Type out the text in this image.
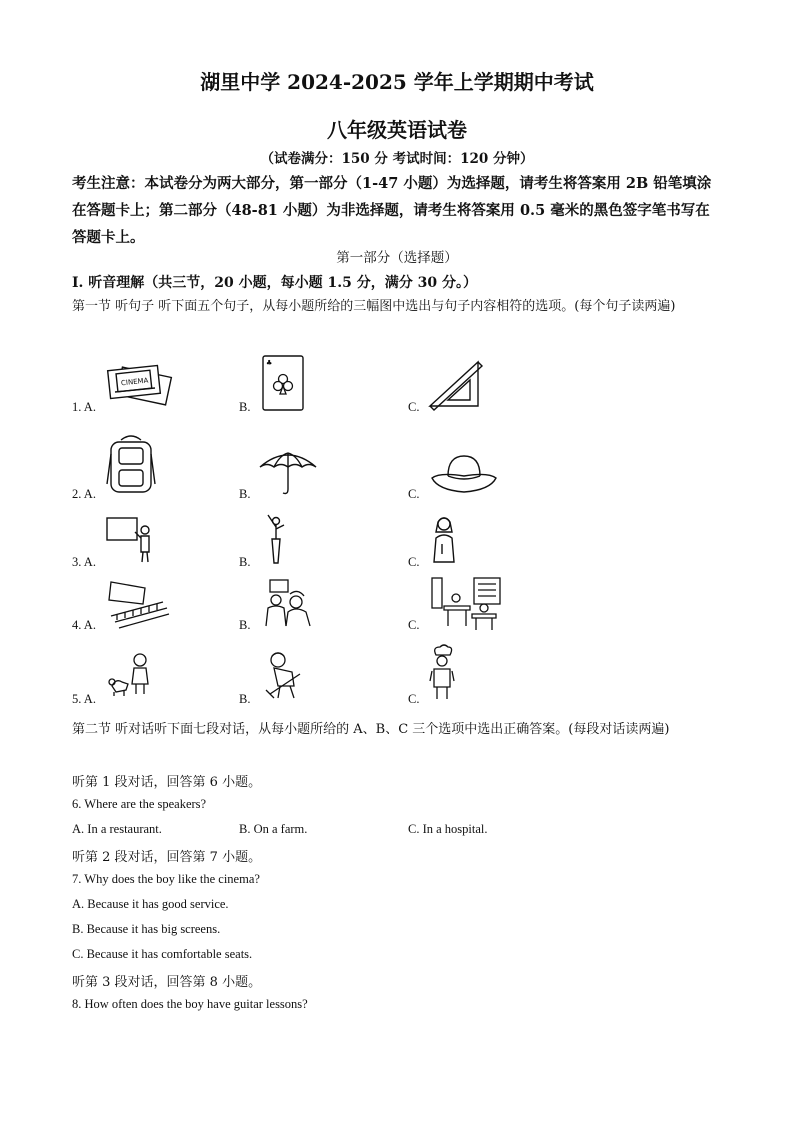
湖里中学 2024-2025 学年上学期期中考试
八年级英语试卷
（试卷满分：150 分 考试时间：120 分钟）
考生注意：本试卷分为两大部分，第一部分（1-47 小题）为选择题，请考生将答案用 2B 铅笔填涂在答题卡上；第二部分（48-81 小题）为非选择题，请考生将答案用 0.5 毫米的黑色签字笔书写在答题卡上。
第一部分（选择题）
Ⅰ. 听音理解（共三节，20 小题，每小题 1.5 分，满分 30 分。）
第一节 听句子 听下面五个句子，从每小题所给的三幅图中选出与句子内容相符的选项。(每个句子读两遍)
1. A.	B.	C.
2. A.	B.	C.
3. A.	B.	C.
4. A.	B.	C.
5. A.	B.	C.
CINEMA
♣
第二节 听对话听下面七段对话，从每小题所给的 A、B、C 三个选项中选出正确答案。(每段对话读两遍)
听第 1 段对话，回答第 6 小题。
6. Where are the speakers?
A. In a restaurant.	B. On a farm.	C. In a hospital.
听第 2 段对话，回答第 7 小题。
7. Why does the boy like the cinema?
A. Because it has good service.
B. Because it has big screens.
C. Because it has comfortable seats.
听第 3 段对话，回答第 8 小题。
8. How often does the boy have guitar lessons?
